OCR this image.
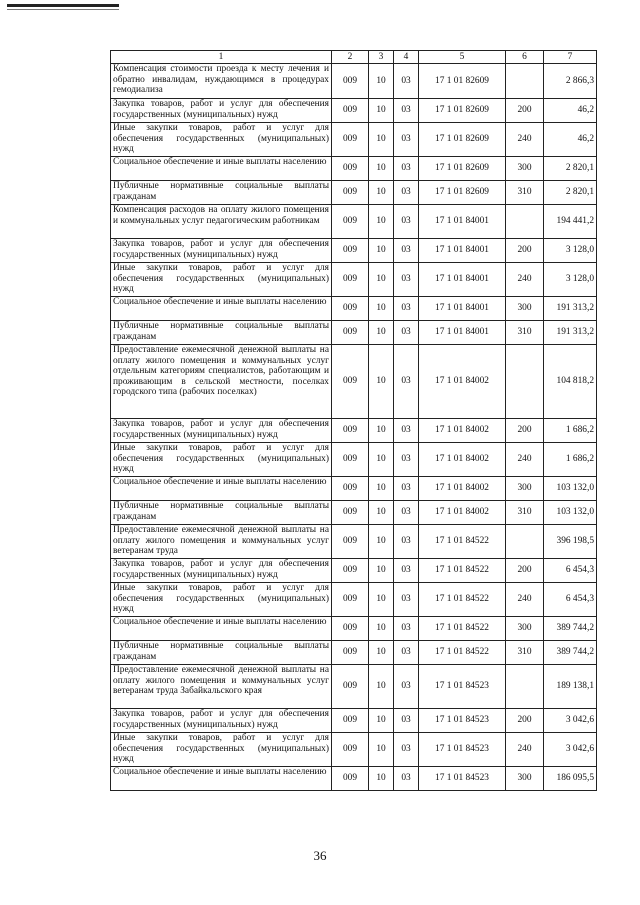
1	2	3	4	5	6	7
Компенсация стоимости проезда к месту лечения и обратно инвалидам, нуждающимся в процедурах гемодиализа	009	10	03	17 1 01 82609		2 866,3
Закупка товаров, работ и услуг для обеспечения государственных (муниципальных) нужд	009	10	03	17 1 01 82609	200	46,2
Иные закупки товаров, работ и услуг для обеспечения государственных (муниципальных) нужд	009	10	03	17 1 01 82609	240	46,2
Социальное обеспечение и иные выплаты населению	009	10	03	17 1 01 82609	300	2 820,1
Публичные нормативные социальные выплаты гражданам	009	10	03	17 1 01 82609	310	2 820,1
Компенсация расходов на оплату жилого помещения и коммунальных услуг педагогическим работникам	009	10	03	17 1 01 84001		194 441,2
Закупка товаров, работ и услуг для обеспечения государственных (муниципальных) нужд	009	10	03	17 1 01 84001	200	3 128,0
Иные закупки товаров, работ и услуг для обеспечения государственных (муниципальных) нужд	009	10	03	17 1 01 84001	240	3 128,0
Социальное обеспечение и иные выплаты населению	009	10	03	17 1 01 84001	300	191 313,2
Публичные нормативные социальные выплаты гражданам	009	10	03	17 1 01 84001	310	191 313,2
Предоставление ежемесячной денежной выплаты на оплату жилого помещения и коммунальных услуг отдельным категориям специалистов, работающим и проживающим в сельской местности, поселках городского типа (рабочих поселках)	009	10	03	17 1 01 84002		104 818,2
Закупка товаров, работ и услуг для обеспечения государственных (муниципальных) нужд	009	10	03	17 1 01 84002	200	1 686,2
Иные закупки товаров, работ и услуг для обеспечения государственных (муниципальных) нужд	009	10	03	17 1 01 84002	240	1 686,2
Социальное обеспечение и иные выплаты населению	009	10	03	17 1 01 84002	300	103 132,0
Публичные нормативные социальные выплаты гражданам	009	10	03	17 1 01 84002	310	103 132,0
Предоставление ежемесячной денежной выплаты на оплату жилого помещения и коммунальных услуг ветеранам труда	009	10	03	17 1 01 84522		396 198,5
Закупка товаров, работ и услуг для обеспечения государственных (муниципальных) нужд	009	10	03	17 1 01 84522	200	6 454,3
Иные закупки товаров, работ и услуг для обеспечения государственных (муниципальных) нужд	009	10	03	17 1 01 84522	240	6 454,3
Социальное обеспечение и иные выплаты населению	009	10	03	17 1 01 84522	300	389 744,2
Публичные нормативные социальные выплаты гражданам	009	10	03	17 1 01 84522	310	389 744,2
Предоставление ежемесячной денежной выплаты на оплату жилого помещения и коммунальных услуг ветеранам труда Забайкальского края	009	10	03	17 1 01 84523		189 138,1
Закупка товаров, работ и услуг для обеспечения государственных (муниципальных) нужд	009	10	03	17 1 01 84523	200	3 042,6
Иные закупки товаров, работ и услуг для обеспечения государственных (муниципальных) нужд	009	10	03	17 1 01 84523	240	3 042,6
Социальное обеспечение и иные выплаты населению	009	10	03	17 1 01 84523	300	186 095,5
36
